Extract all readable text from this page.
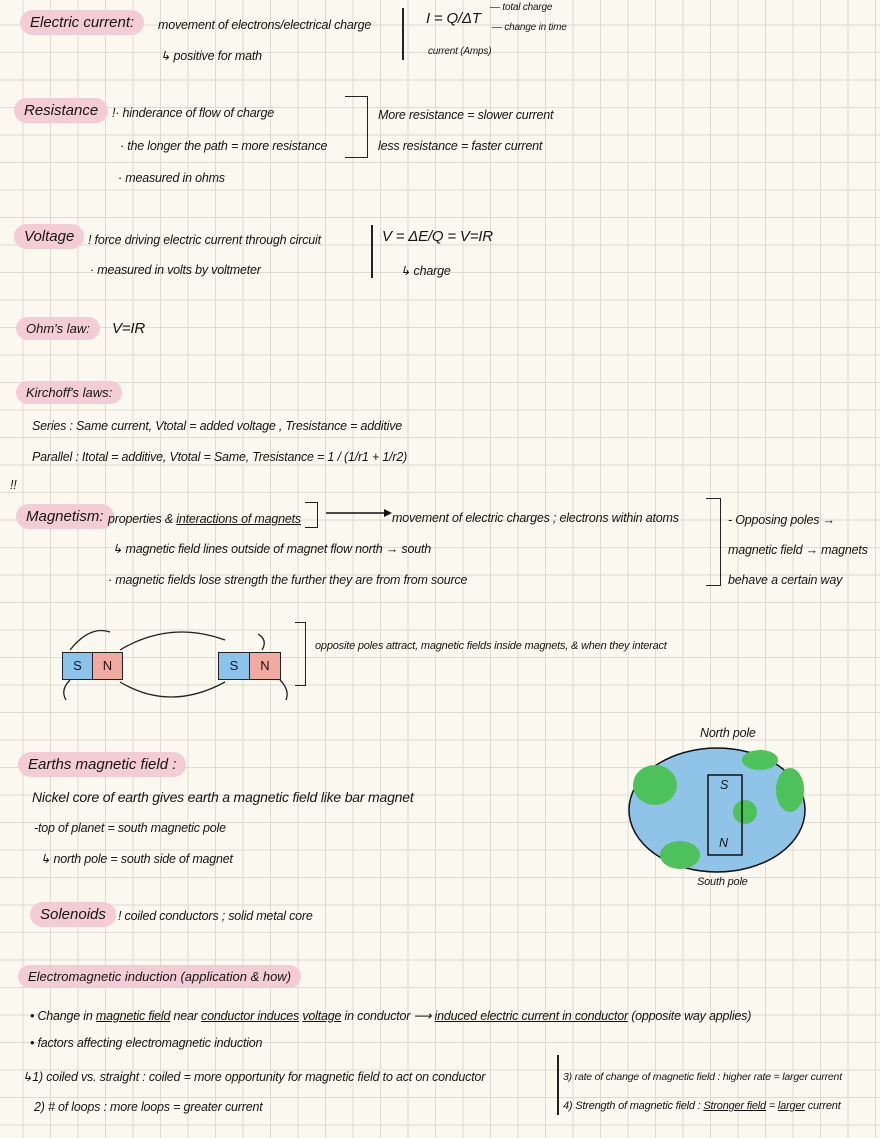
Electric current:	movement of electrons/electrical charge
↳ positive for math
I = Q/ΔT
— total charge
— change in time
current (Amps)
Resistance	!· hinderance of flow of charge
· the longer the path = more resistance
· measured in ohms
More resistance = slower current
less resistance = faster current
Voltage	! force driving electric current through circuit
· measured in volts by voltmeter
V = ΔE/Q = V=IR
↳ charge
Ohm's law:	V=IR
Kirchoff's laws:
Series : Same current, Vtotal = added voltage , Tresistance = additive
Parallel : Itotal = additive, Vtotal = Same, Tresistance = 1 / (1/r1 + 1/r2)
!!
Magnetism: properties & interactions of magnets	movement of electric charges ; electrons within atoms
↳ magnetic field lines outside of magnet flow north → south
· magnetic fields lose strength the further they are from from source
- Opposing poles →
magnetic field → magnets
behave a certain way
S	N	S	N
opposite poles attract, magnetic fields inside magnets, & when they interact
Earths magnetic field :
Nickel core of earth gives earth a magnetic field like bar magnet
-top of planet = south magnetic pole
↳ north pole = south side of magnet
North pole
South pole
S
N
Solenoids ! coiled conductors ; solid metal core
Electromagnetic induction (application & how)
• Change in magnetic field near conductor induces voltage in conductor ⟶ induced electric current in conductor (opposite way applies)
• factors affecting electromagnetic induction
↳1) coiled vs. straight : coiled = more opportunity for magnetic field to act on conductor
2) # of loops : more loops = greater current
3) rate of change of magnetic field : higher rate = larger current
4) Strength of magnetic field : Stronger field = larger current
